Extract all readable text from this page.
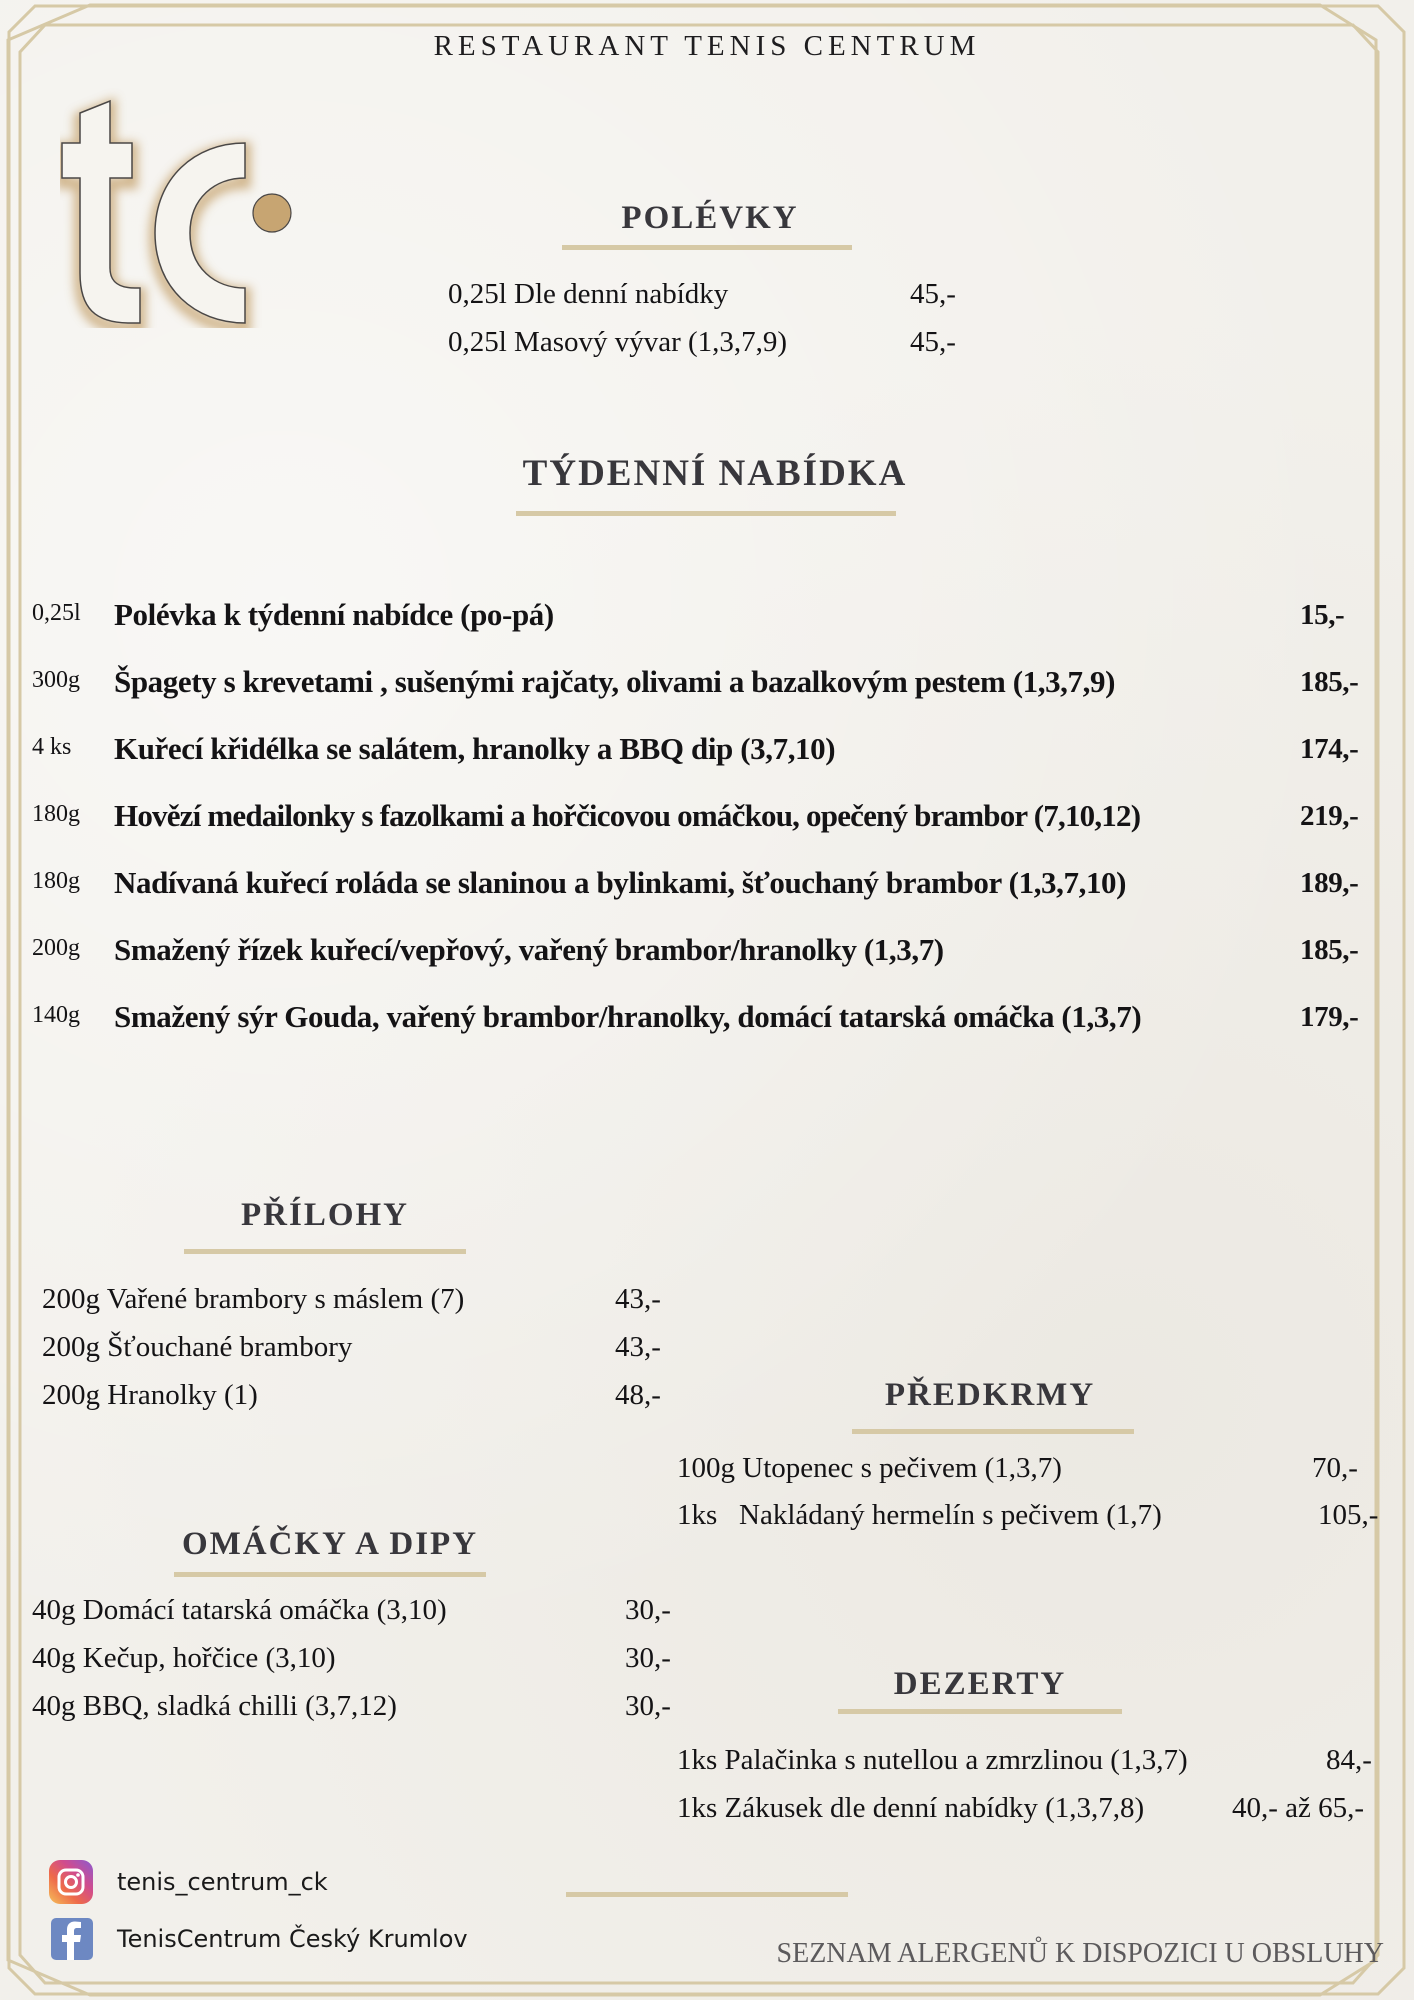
RESTAURANT TENIS CENTRUM
POLÉVKY
0,25l Dle denní nabídky	45,-
0,25l Masový vývar (1,3,7,9)	45,-
TÝDENNÍ NABÍDKA
0,25l Polévka k týdenní nabídce (po-pá)	15,-
300g Špagety s krevetami , sušenými rajčaty, olivami a bazalkovým pestem (1,3,7,9)	185,-
4 ks Kuřecí křidélka se salátem, hranolky a BBQ dip (3,7,10)	174,-
180g Hovězí medailonky s fazolkami a hořčicovou omáčkou, opečený brambor (7,10,12)	219,-
180g Nadívaná kuřecí roláda se slaninou a bylinkami, šťouchaný brambor (1,3,7,10)	189,-
200g Smažený řízek kuřecí/vepřový, vařený brambor/hranolky (1,3,7)	185,-
140g Smažený sýr Gouda, vařený brambor/hranolky, domácí tatarská omáčka (1,3,7)	179,-
PŘÍLOHY
200g Vařené brambory s máslem (7)	43,-
200g Šťouchané brambory	43,-
200g Hranolky (1)	48,-	PŘEDKRMY
100g Utopenec s pečivem (1,3,7)	70,-
1ks   Nakládaný hermelín s pečivem (1,7)	105,-
OMÁČKY A DIPY
40g Domácí tatarská omáčka (3,10)	30,-
40g Kečup, hořčice (3,10)	30,-
40g BBQ, sladká chilli (3,7,12)	30,-
DEZERTY
1ks Palačinka s nutellou a zmrzlinou (1,3,7)	84,-
1ks Zákusek dle denní nabídky (1,3,7,8)	40,- až 65,-
tenis_centrum_ck
TenisCentrum Český Krumlov	SEZNAM ALERGENŮ K DISPOZICI U OBSLUHY
